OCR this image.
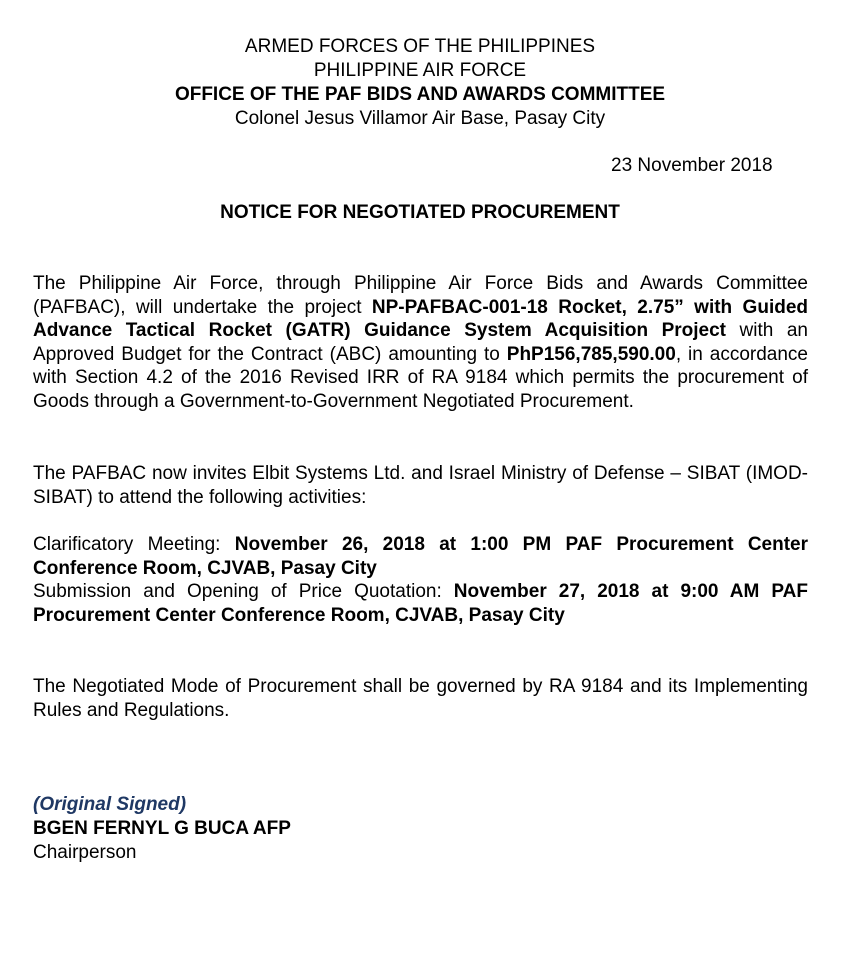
ARMED FORCES OF THE PHILIPPINES
PHILIPPINE AIR FORCE
OFFICE OF THE PAF BIDS AND AWARDS COMMITTEE
Colonel Jesus Villamor Air Base, Pasay City
23 November 2018
NOTICE FOR NEGOTIATED PROCUREMENT
The Philippine Air Force, through Philippine Air Force Bids and Awards Committee (PAFBAC), will undertake the project NP-PAFBAC-001-18 Rocket, 2.75” with Guided Advance Tactical Rocket (GATR) Guidance System Acquisition Project with an Approved Budget for the Contract (ABC) amounting to PhP156,785,590.00, in accordance with Section 4.2 of the 2016 Revised IRR of RA 9184 which permits the procurement of Goods through a Government-to-Government Negotiated Procurement.
The PAFBAC now invites Elbit Systems Ltd. and Israel Ministry of Defense – SIBAT (IMOD-SIBAT) to attend the following activities:
Clarificatory Meeting: November 26, 2018 at 1:00 PM PAF Procurement Center Conference Room, CJVAB, Pasay City
Submission and Opening of Price Quotation: November 27, 2018 at 9:00 AM PAF Procurement Center Conference Room, CJVAB, Pasay City
The Negotiated Mode of Procurement shall be governed by RA 9184 and its Implementing Rules and Regulations.
(Original Signed)
BGEN FERNYL G BUCA AFP
Chairperson
